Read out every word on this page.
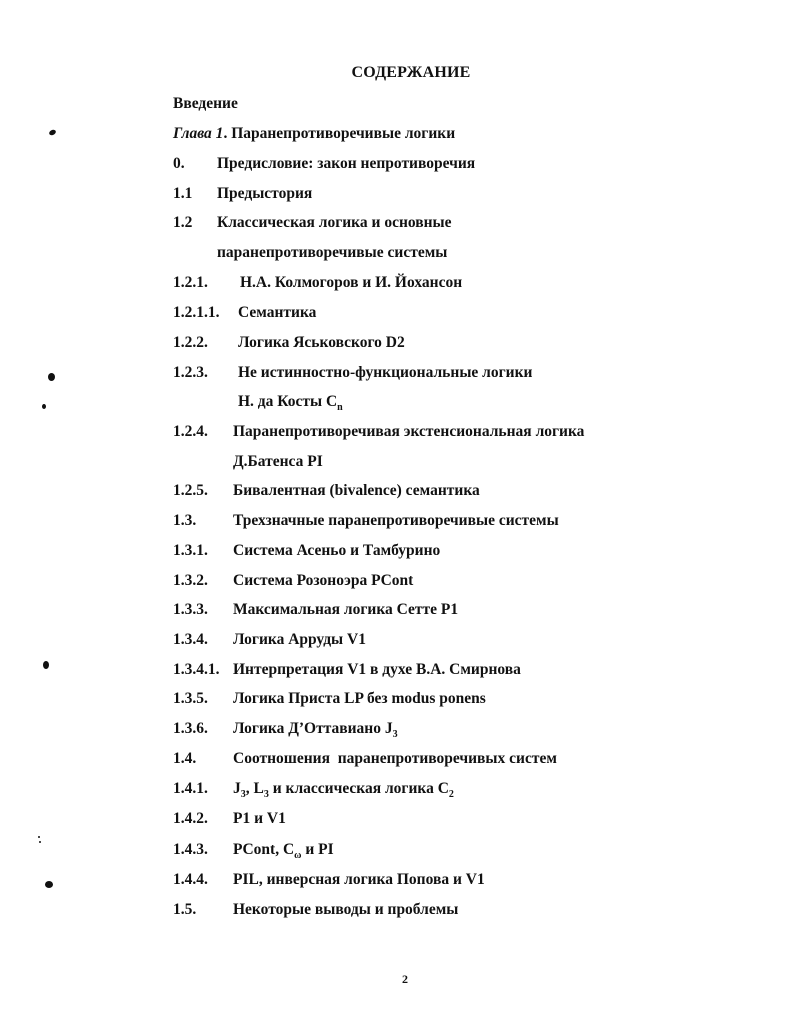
СОДЕРЖАНИЕ
Введение
Глава 1. Паранепротиворечивые логики
0. Предисловие: закон непротиворечия
1.1 Предыстория
1.2 Классическая логика и основные
паранепротиворечивые системы
1.2.1. Н.А. Колмогоров и И. Йохансон
1.2.1.1. Семантика
1.2.2. Логика Яськовского D2
1.2.3. Не истинностно-функциональные логики
Н. да Косты $C_n$
1.2.4. Паранепротиворечивая экстенсиональная логика
Д.Батенса PI
1.2.5. Бивалентная (bivalence) семантика
1.3. Трехзначные паранепротиворечивые системы
1.3.1. Система Асеньо и Тамбурино
1.3.2. Система Розоноэра PCont
1.3.3. Максимальная логика Сетте P1
1.3.4. Логика Арруды V1
1.3.4.1. Интерпретация V1 в духе В.А. Смирнова
1.3.5. Логика Приста LP без modus ponens
1.3.6. Логика Д’Оттавиано $J_3$
1.4. Соотношения  паранепротиворечивых систем
1.4.1. $J_3$, $L_3$ и классическая логика $C_2$
1.4.2. P1 и V1
1.4.3. PCont, $C_\omega$ и PI
1.4.4. PIL, инверсная логика Попова и V1
1.5. Некоторые выводы и проблемы
2
